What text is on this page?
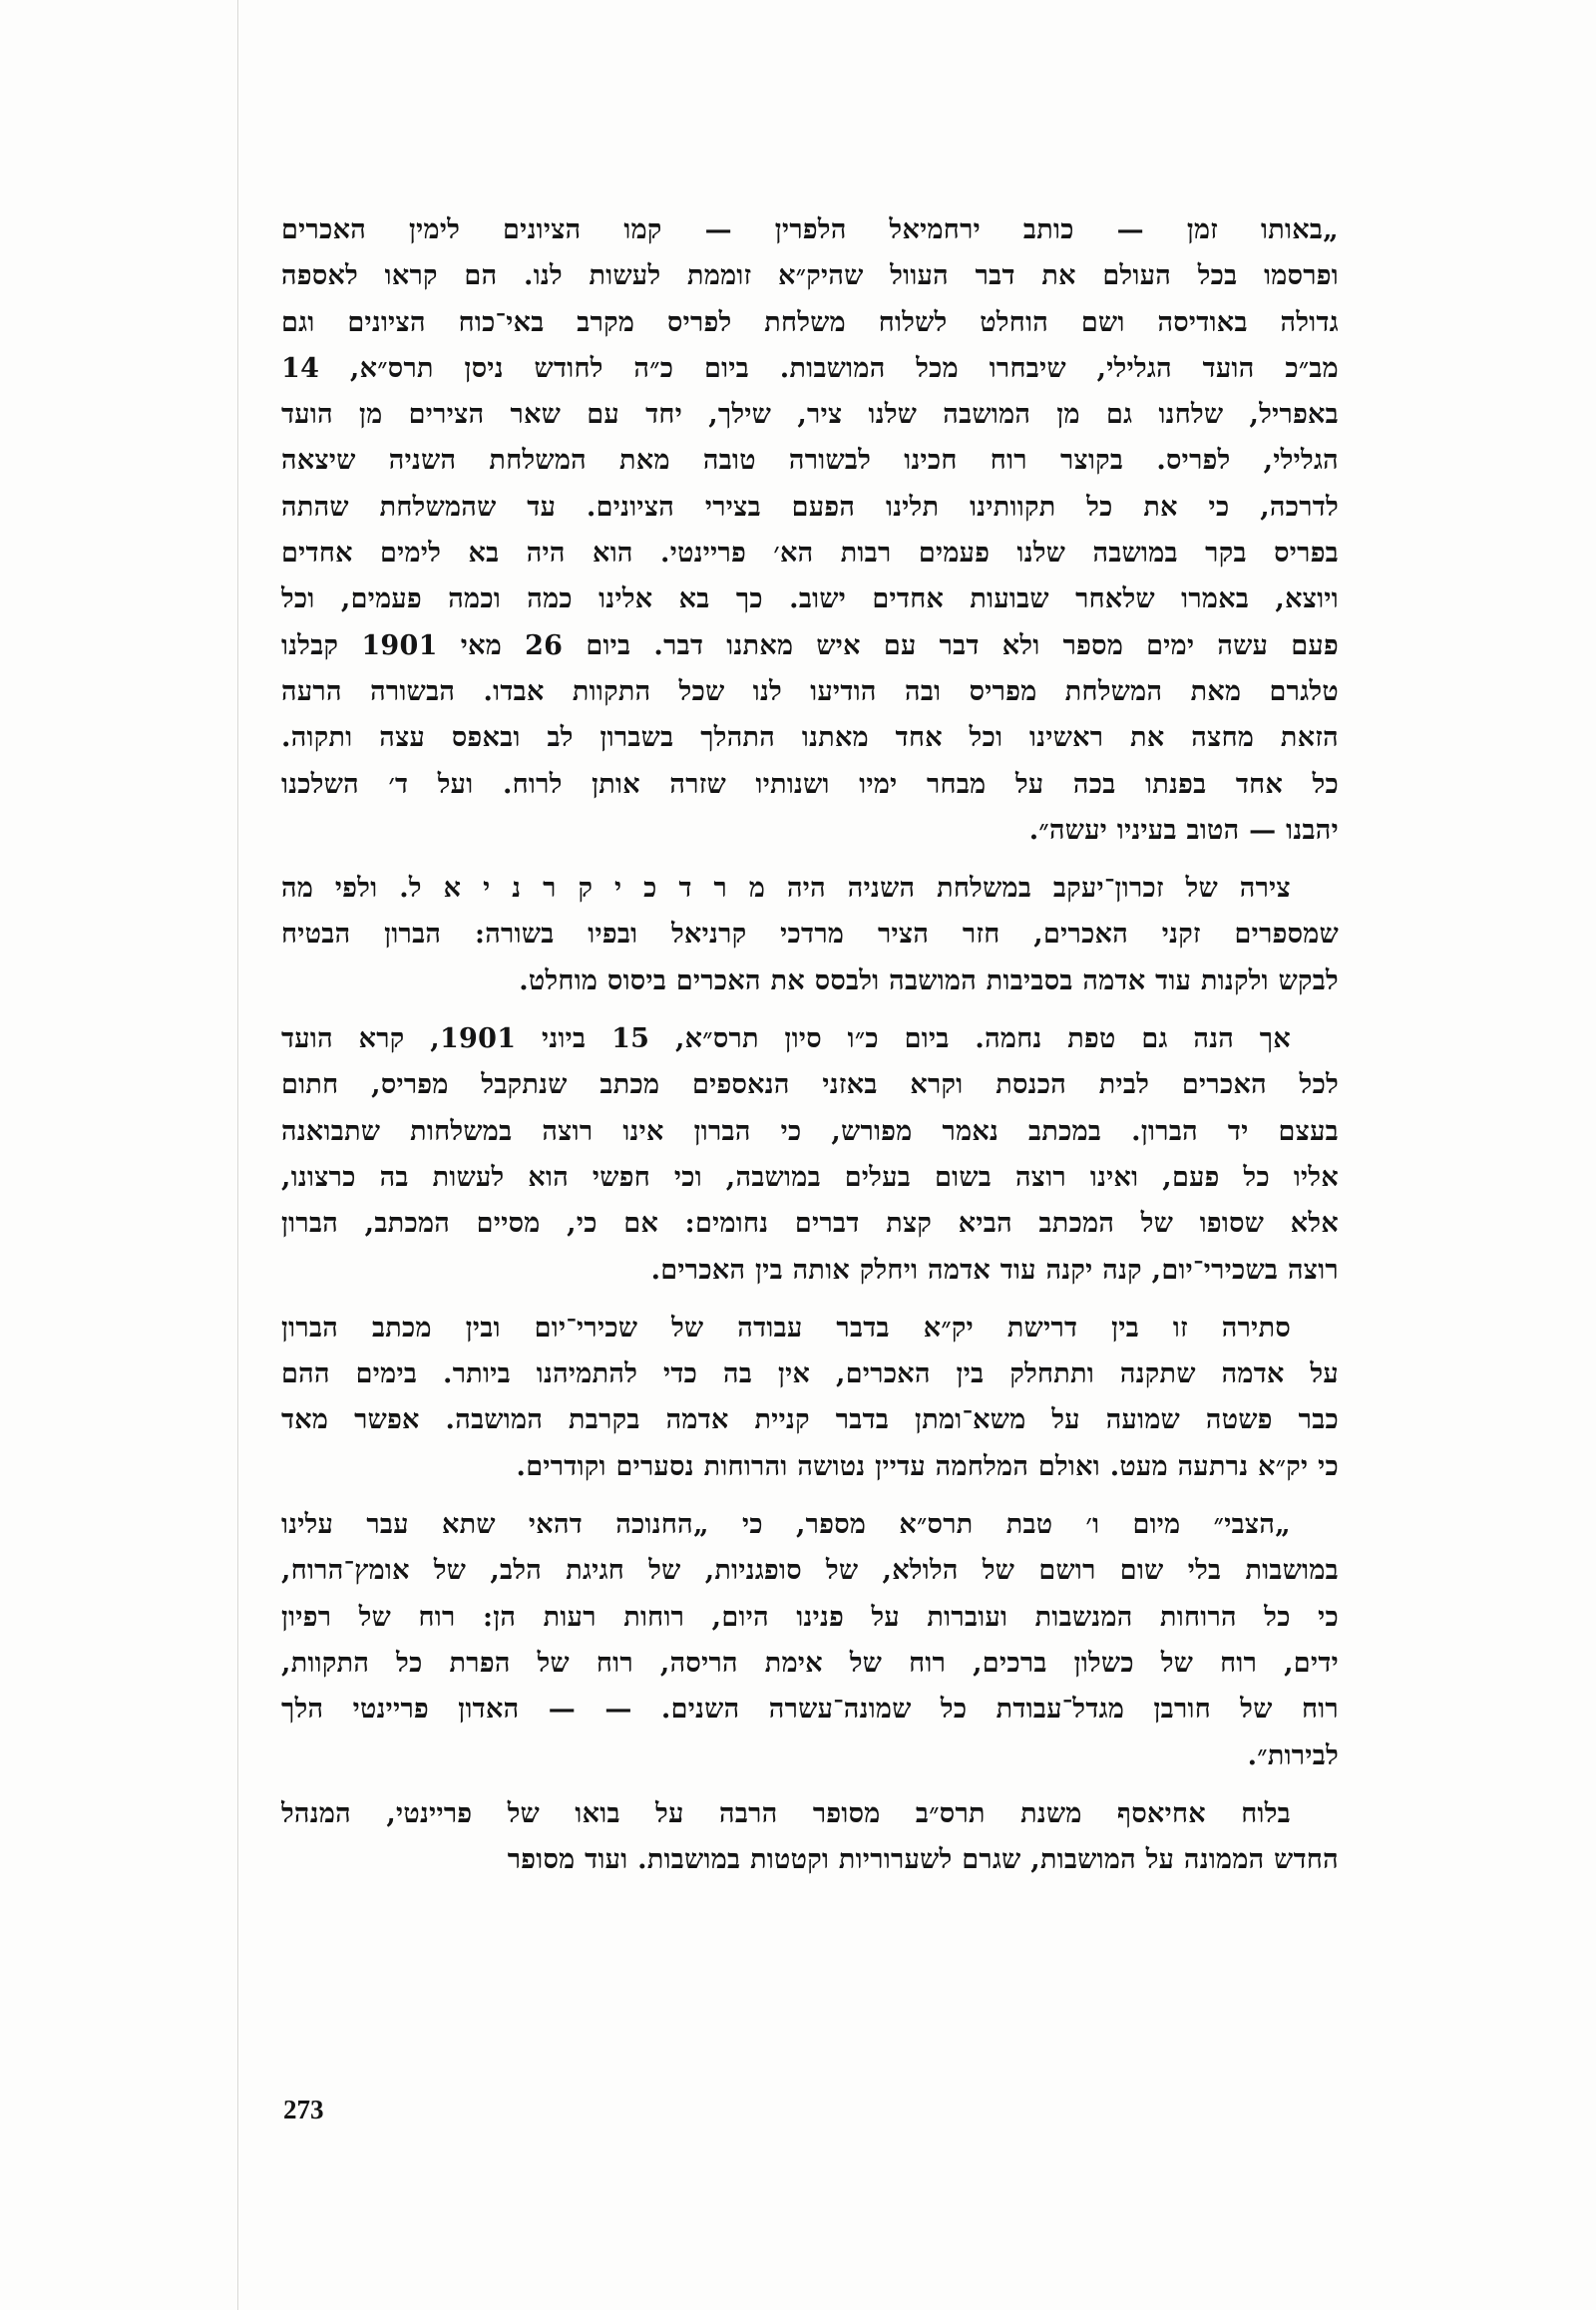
„באותו זמן — כותב ירחמיאל הלפרין — קמו הציונים לימין האכרים
ופרסמו בכל העולם את דבר העוול שהיק״א זוממת לעשות לנו. הם קראו לאספה
גדולה באודיסה ושם הוחלט לשלוח משלחת לפריס מקרב באי־כוח הציונים וגם
מב״כ הועד הגלילי, שיבחרו מכל המושבות. ביום כ״ה לחודש ניסן תרס״א, 14
באפריל, שלחנו גם מן המושבה שלנו ציר, שילך, יחד עם שאר הצירים מן הועד
הגלילי, לפריס. בקוצר רוח חכינו לבשורה טובה מאת המשלחת השניה שיצאה
לדרכה, כי את כל תקוותינו תלינו הפעם בצירי הציונים. עד שהמשלחת שהתה
בפריס בקר במושבה שלנו פעמים רבות הא׳ פריינטי. הוא היה בא לימים אחדים
ויוצא, באמרו שלאחר שבועות אחדים ישוב. כך בא אלינו כמה וכמה פעמים, וכל
פעם עשה ימים מספר ולא דבר עם איש מאתנו דבר. ביום 26 מאי 1901 קבלנו
טלגרם מאת המשלחת מפריס ובה הודיעו לנו שכל התקוות אבדו. הבשורה הרעה
הזאת מחצה את ראשינו וכל אחד מאתנו התהלך בשברון לב ובאפס עצה ותקוה.
כל אחד בפנתו בכה על מבחר ימיו ושנותיו שזרה אותן לרוח. ועל ד׳ השלכנו
יהבנו — הטוב בעיניו יעשה״.

צירה של זכרון־יעקב במשלחת השניה היה מ ר ד כ י ק ר נ י א ל. ולפי מה
שמספרים זקני האכרים, חזר הציר מרדכי קרניאל ובפיו בשורה: הברון הבטיח
לבקש ולקנות עוד אדמה בסביבות המושבה ולבסס את האכרים ביסוס מוחלט.

אך הנה גם טפת נחמה. ביום כ״ו סיון תרס״א, 15 ביוני 1901, קרא הועד
לכל האכרים לבית הכנסת וקרא באזני הנאספים מכתב שנתקבל מפריס, חתום
בעצם יד הברון. במכתב נאמר מפורש, כי הברון אינו רוצה במשלחות שתבואנה
אליו כל פעם, ואינו רוצה בשום בעלים במושבה, וכי חפשי הוא לעשות בה כרצונו,
אלא שסופו של המכתב הביא קצת דברים נחומים: אם כי, מסיים המכתב, הברון
רוצה בשכירי־יום, קנה יקנה עוד אדמה ויחלק אותה בין האכרים.

סתירה זו בין דרישת יק״א בדבר עבודה של שכירי־יום ובין מכתב הברון
על אדמה שתקנה ותתחלק בין האכרים, אין בה כדי להתמיהנו ביותר. בימים ההם
כבר פשטה שמועה על משא־ומתן בדבר קניית אדמה בקרבת המושבה. אפשר מאד
כי יק״א נרתעה מעט. ואולם המלחמה עדיין נטושה והרוחות נסערים וקודרים.

„הצבי״ מיום ו׳ טבת תרס״א מספר, כי „החנוכה דהאי שתא עבר עלינו
במושבות בלי שום רושם של הלולא, של סופגניות, של חגיגת הלב, של אומץ־הרוח,
כי כל הרוחות המנשבות ועוברות על פנינו היום, רוחות רעות הן: רוח של רפיון
ידים, רוח של כשלון ברכים, רוח של אימת הריסה, רוח של הפרת כל התקוות,
רוח של חורבן מגדל־עבודת כל שמונה־עשרה השנים. — — האדון פריינטי הלך
לבירות״.

בלוח אחיאסף משנת תרס״ב מסופר הרבה על בואו של פריינטי, המנהל
החדש הממונה על המושבות, שגרם לשערוריות וקטטות במושבות. ועוד מסופר

273
